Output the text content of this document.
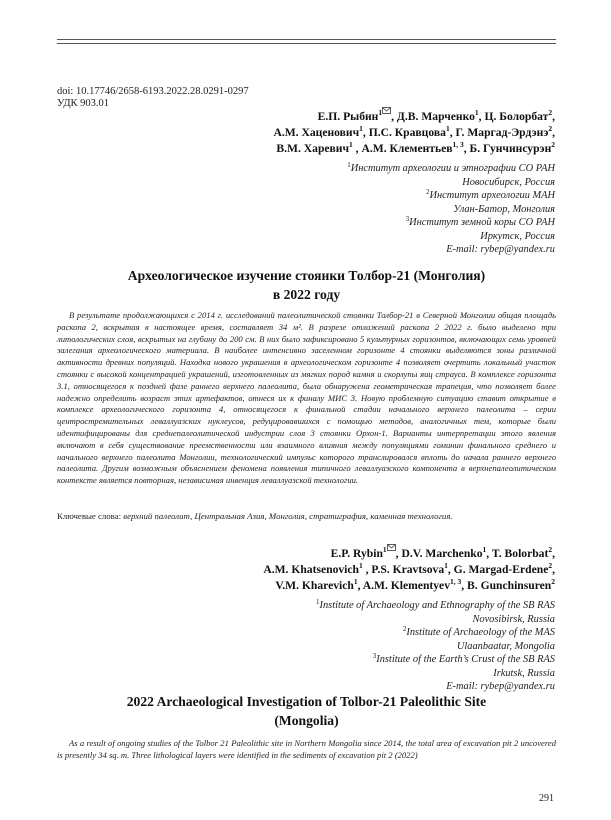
doi: 10.17746/2658-6193.2022.28.0291-0297
УДК 903.01
Е.П. Рыбин$^1$ , Д.В. Марченко$^1$, Ц. Болорбат$^2$,
А.М. Хаценович$^1$, П.С. Кравцова$^1$, Г. Маргад-Эрдэнэ$^2$,
В.М. Харевич$^1$ , А.М. Клементьев$^{1, 3}$, Б. Гунчинсурэн$^2$
$^1$Институт археологии и этнографии СО РАН
Новосибирск, Россия
$^2$Институт археологии МАН
Улан-Батор, Монголия
$^3$Институт земной коры СО РАН
Иркутск, Россия
E-mail: rybep@yandex.ru
Археологическое изучение стоянки Толбор-21 (Монголия)
в 2022 году

В результате продолжающихся с 2014 г. исследований палеолитической стоянки Толбор-21 в Северной Монголии общая площадь раскопа 2, вскрытая в настоящее время, составляет 34 м². В разрезе отложений раскопа 2 2022 г. было выделено три литологических слоя, вскрытых на глубину до 200 см. В них было зафиксировано 5 культурных горизонтов, включающих семь уровней залегания археологического материала. В наиболее интенсивно заселенном горизонте 4 стоянки выделяются зоны различной активности древних популяций. Находка нового украшения в археологическом горизонте 4 позволяет очертить локальный участок стоянки с высокой концентрацией украшений, изготовленных из мягких пород камня и скорлупы яиц страуса. В комплексе горизонта 3.1, относящегося к поздней фазе раннего верхнего палеолита, была обнаружена геометрическая трапеция, что позволяет более надежно определить возраст этих артефактов, отнеся их к финалу МИС 3. Новую проблемную ситуацию ставит открытие в комплексе археологического горизонта 4, относящегося к финальной стадии начального верхнего палеолита – серии центростремительных леваллуазских нуклеусов, редуцировавшихся с помощью методов, аналогичных тем, которые были идентифицированы для среднепалеолитической индустрии слоя 3 стоянки Орхон-1. Варианты интерпретации этого явления включают в себя существование преемственности или взаимного влияния между популяциями гоминин финального среднего и начального верхнего палеолита Монголии, технологический импульс которого транслировался вплоть до начала раннего верхнего палеолита. Другим возможным объяснением феномена появления типичного леваллуазского компонента в верхнепалеолитическом контексте является повторная, независимая инвенция леваллуазской технологии.

Ключевые слова: верхний палеолит, Центральная Азия, Монголия, стратиграфия, каменная технология.
E.P. Rybin$^1$ , D.V. Marchenko$^1$, T. Bolorbat$^2$,
A.M. Khatsenovich$^1$ , P.S. Kravtsova$^1$, G. Margad-Erdene$^2$,
V.M. Kharevich$^1$, A.M. Klementyev$^{1, 3}$, B. Gunchinsuren$^2$
$^1$Institute of Archaeology and Ethnography of the SB RAS
Novosibirsk, Russia
$^2$Institute of Archaeology of the MAS
Ulaanbaatar, Mongolia
$^3$Institute of the Earth’s Crust of the SB RAS
Irkutsk, Russia
E-mail: rybep@yandex.ru
2022 Archaeological Investigation of Tolbor-21 Paleolithic Site
(Mongolia)

As a result of ongoing studies of the Tolbor 21 Paleolithic site in Northern Mongolia since 2014, the total area of excavation pit 2 uncovered is presently 34 sq. m. Three lithological layers were identified in the sediments of excavation pit 2 (2022)

291
